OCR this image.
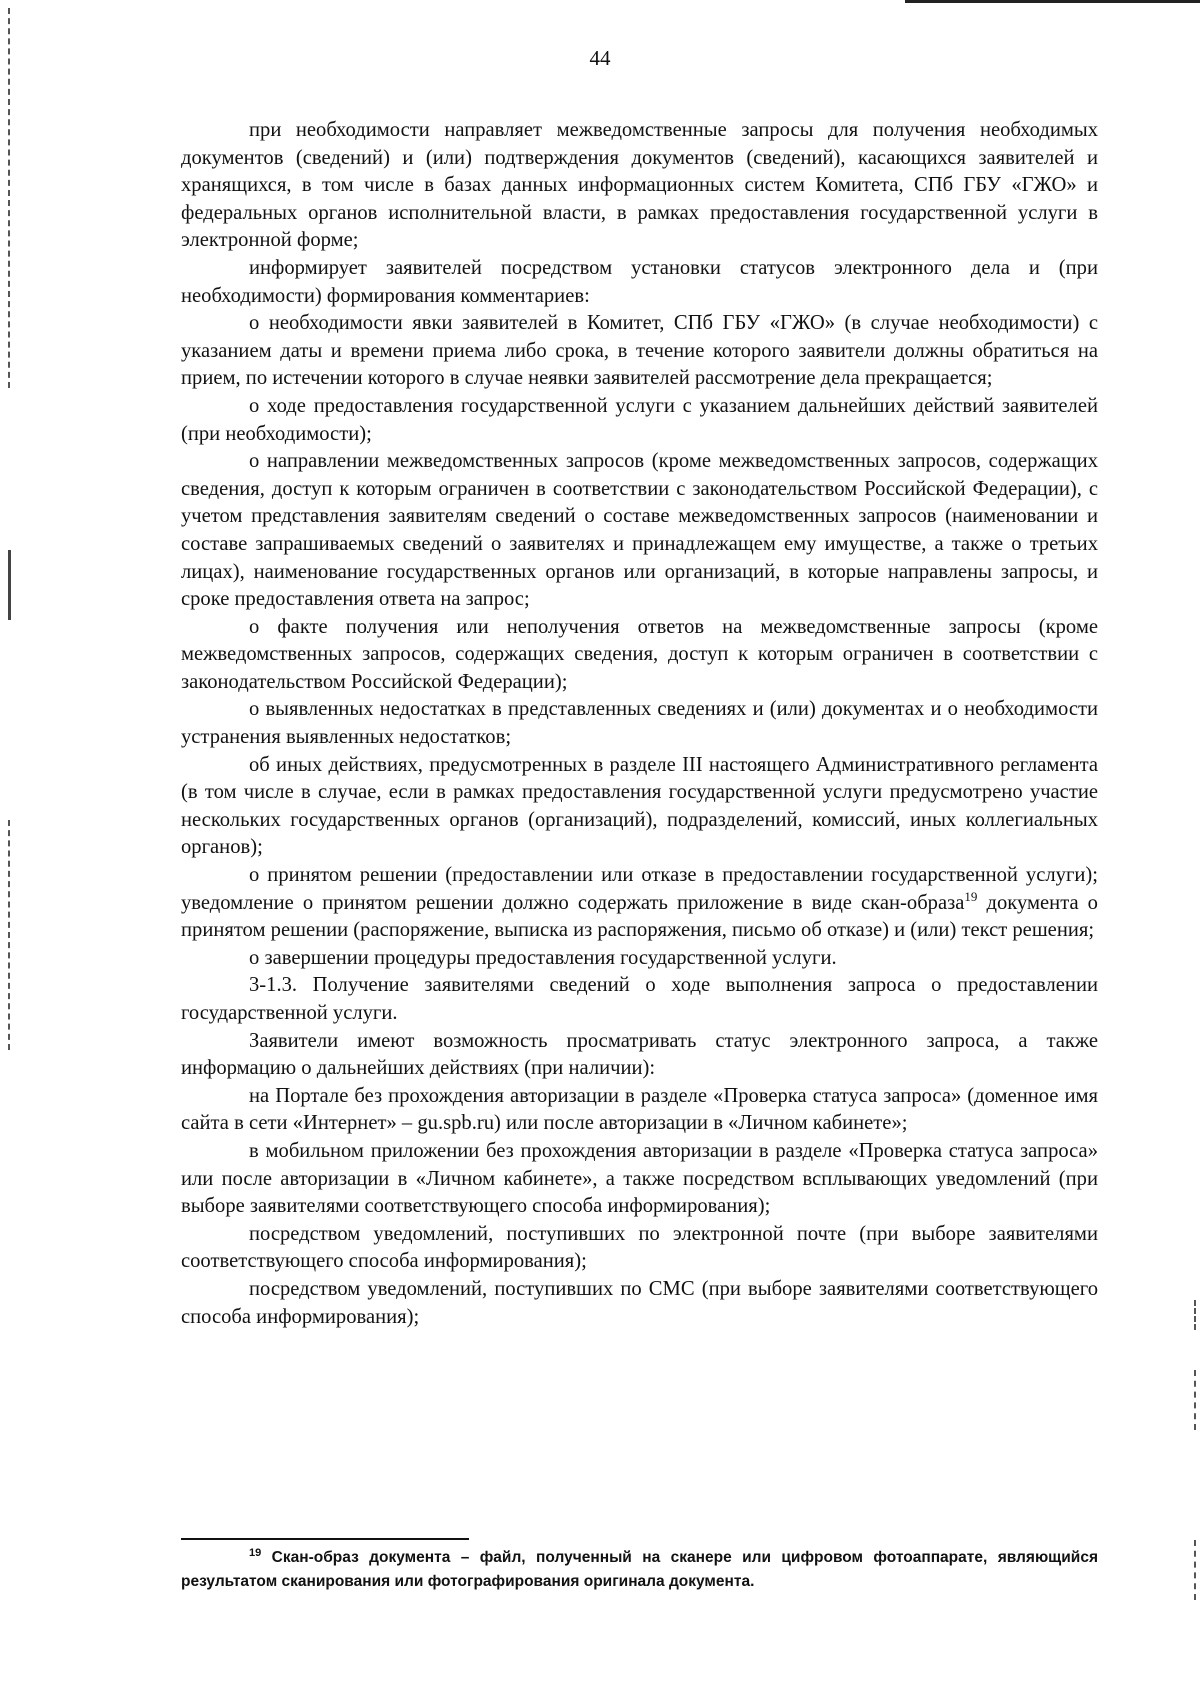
44

при необходимости направляет межведомственные запросы для получения необходимых документов (сведений) и (или) подтверждения документов (сведений), касающихся заявителей и хранящихся, в том числе в базах данных информационных систем Комитета, СПб ГБУ «ГЖО» и федеральных органов исполнительной власти, в рамках предоставления государственной услуги в электронной форме;

информирует заявителей посредством установки статусов электронного дела и (при необходимости) формирования комментариев:

о необходимости явки заявителей в Комитет, СПб ГБУ «ГЖО» (в случае необходимости) с указанием даты и времени приема либо срока, в течение которого заявители должны обратиться на прием, по истечении которого в случае неявки заявителей рассмотрение дела прекращается;

о ходе предоставления государственной услуги с указанием дальнейших действий заявителей (при необходимости);

о направлении межведомственных запросов (кроме межведомственных запросов, содержащих сведения, доступ к которым ограничен в соответствии с законодательством Российской Федерации), с учетом представления заявителям сведений о составе межведомственных запросов (наименовании и составе запрашиваемых сведений о заявителях и принадлежащем ему имуществе, а также о третьих лицах), наименование государственных органов или организаций, в которые направлены запросы, и сроке предоставления ответа на запрос;

о факте получения или неполучения ответов на межведомственные запросы (кроме межведомственных запросов, содержащих сведения, доступ к которым ограничен в соответствии с законодательством Российской Федерации);

о выявленных недостатках в представленных сведениях и (или) документах и о необходимости устранения выявленных недостатков;

об иных действиях, предусмотренных в разделе III настоящего Административного регламента (в том числе в случае, если в рамках предоставления государственной услуги предусмотрено участие нескольких государственных органов (организаций), подразделений, комиссий, иных коллегиальных органов);

о принятом решении (предоставлении или отказе в предоставлении государственной услуги); уведомление о принятом решении должно содержать приложение в виде скан-образа$^{19}$ документа о принятом решении (распоряжение, выписка из распоряжения, письмо об отказе) и (или) текст решения;

о завершении процедуры предоставления государственной услуги.

3-1.3. Получение заявителями сведений о ходе выполнения запроса о предоставлении государственной услуги.

Заявители имеют возможность просматривать статус электронного запроса, а также информацию о дальнейших действиях (при наличии):

на Портале без прохождения авторизации в разделе «Проверка статуса запроса» (доменное имя сайта в сети «Интернет» – gu.spb.ru) или после авторизации в «Личном кабинете»;

в мобильном приложении без прохождения авторизации в разделе «Проверка статуса запроса» или после авторизации в «Личном кабинете», а также посредством всплывающих уведомлений (при выборе заявителями соответствующего способа информирования);

посредством уведомлений, поступивших по электронной почте (при выборе заявителями соответствующего способа информирования);

посредством уведомлений, поступивших по СМС (при выборе заявителями соответствующего способа информирования);

$^{19}$ Скан-образ документа – файл, полученный на сканере или цифровом фотоаппарате, являющийся результатом сканирования или фотографирования оригинала документа.
